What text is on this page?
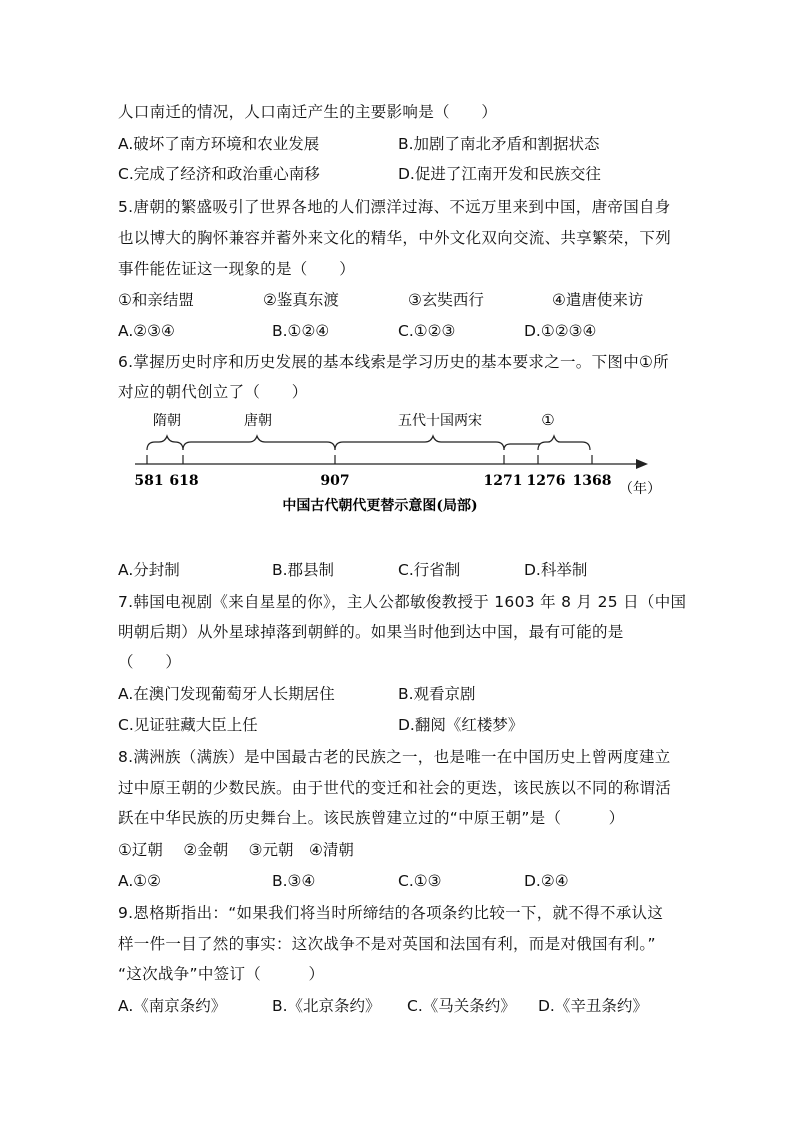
人口南迁的情况，人口南迁产生的主要影响是（　　）
A.破坏了南方环境和农业发展	B.加剧了南北矛盾和割据状态
C.完成了经济和政治重心南移	D.促进了江南开发和民族交往
5.唐朝的繁盛吸引了世界各地的人们漂洋过海、不远万里来到中国，唐帝国自身
也以博大的胸怀兼容并蓄外来文化的精华，中外文化双向交流、共享繁荣，下列
事件能佐证这一现象的是（　　）
①和亲结盟	②鉴真东渡	③玄奘西行	④遣唐使来访
A.②③④	B.①②④	C.①②③	D.①②③④
6.掌握历史时序和历史发展的基本线索是学习历史的基本要求之一。下图中①所
对应的朝代创立了（　　）
隋朝	唐朝	五代十国两宋	①
581 618	907	1271 1276 1368 （年）
中国古代朝代更替示意图(局部)
A.分封制	B.郡县制	C.行省制	D.科举制
7.韩国电视剧《来自星星的你》，主人公都敏俊教授于 1603 年 8 月 25 日（中国
明朝后期）从外星球掉落到朝鲜的。如果当时他到达中国，最有可能的是
（　　）
A.在澳门发现葡萄牙人长期居住	B.观看京剧
C.见证驻藏大臣上任	D.翻阅《红楼梦》
8.满洲族（满族）是中国最古老的民族之一，也是唯一在中国历史上曾两度建立
过中原王朝的少数民族。由于世代的变迁和社会的更迭，该民族以不同的称谓活
跃在中华民族的历史舞台上。该民族曾建立过的“中原王朝”是（　　　）
①辽朝　 ②金朝　 ③元朝　④清朝
A.①②	B.③④	C.①③	D.②④
9.恩格斯指出：“如果我们将当时所缔结的各项条约比较一下，就不得不承认这
样一件一目了然的事实：这次战争不是对英国和法国有利，而是对俄国有利。”
“这次战争”中签订（　　　）
A.《南京条约》	B.《北京条约》 C.《马关条约》 D.《辛丑条约》
